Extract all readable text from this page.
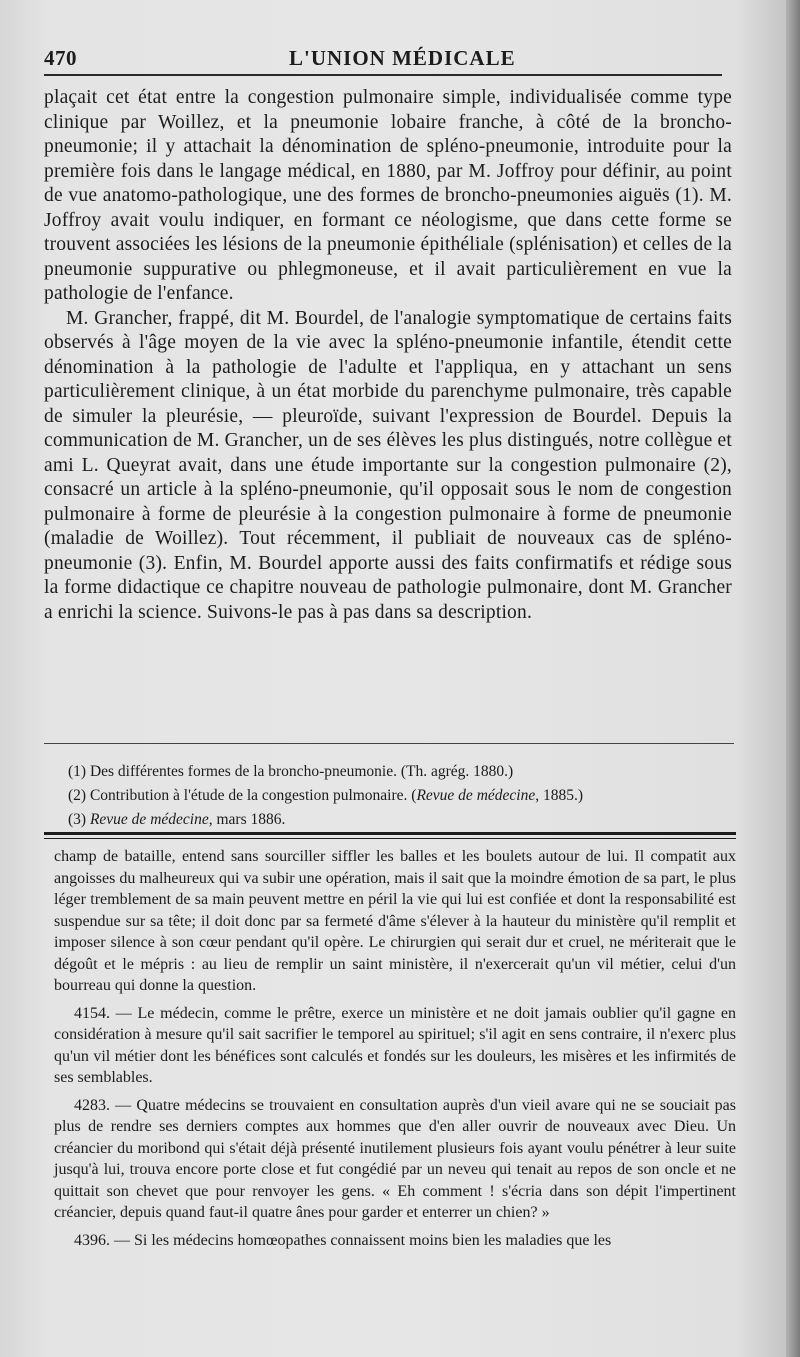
470	L'UNION MÉDICALE

plaçait cet état entre la congestion pulmonaire simple, individualisée comme type clinique par Woillez, et la pneumonie lobaire franche, à côté de la broncho-pneumonie; il y attachait la dénomination de spléno-pneumonie, introduite pour la première fois dans le langage médical, en 1880, par M. Joffroy pour définir, au point de vue anatomo-pathologique, une des formes de broncho-pneumonies aiguës (1). M. Joffroy avait voulu indiquer, en formant ce néologisme, que dans cette forme se trouvent associées les lésions de la pneumonie épithéliale (splénisation) et celles de la pneumonie suppurative ou phlegmoneuse, et il avait particulièrement en vue la pathologie de l'enfance.

M. Grancher, frappé, dit M. Bourdel, de l'analogie symptomatique de certains faits observés à l'âge moyen de la vie avec la spléno-pneumonie infantile, étendit cette dénomination à la pathologie de l'adulte et l'appliqua, en y attachant un sens particulièrement clinique, à un état morbide du parenchyme pulmonaire, très capable de simuler la pleurésie, — pleuroïde, suivant l'expression de Bourdel. Depuis la communication de M. Grancher, un de ses élèves les plus distingués, notre collègue et ami L. Queyrat avait, dans une étude importante sur la congestion pulmonaire (2), consacré un article à la spléno-pneumonie, qu'il opposait sous le nom de congestion pulmonaire à forme de pleurésie à la congestion pulmonaire à forme de pneumonie (maladie de Woillez). Tout récemment, il publiait de nouveaux cas de spléno-pneumonie (3). Enfin, M. Bourdel apporte aussi des faits confirmatifs et rédige sous la forme didactique ce chapitre nouveau de pathologie pulmonaire, dont M. Grancher a enrichi la science. Suivons-le pas à pas dans sa description.

(1) Des différentes formes de la broncho-pneumonie. (Th. agrég. 1880.)
(2) Contribution à l'étude de la congestion pulmonaire. (Revue de médecine, 1885.)
(3) Revue de médecine, mars 1886.

champ de bataille, entend sans sourciller siffler les balles et les boulets autour de lui. Il compatit aux angoisses du malheureux qui va subir une opération, mais il sait que la moindre émotion de sa part, le plus léger tremblement de sa main peuvent mettre en péril la vie qui lui est confiée et dont la responsabilité est suspendue sur sa tête; il doit donc par sa fermeté d'âme s'élever à la hauteur du ministère qu'il remplit et imposer silence à son cœur pendant qu'il opère. Le chirurgien qui serait dur et cruel, ne mériterait que le dégoût et le mépris : au lieu de remplir un saint ministère, il n'exercerait qu'un vil métier, celui d'un bourreau qui donne la question.

4154. — Le médecin, comme le prêtre, exerce un ministère et ne doit jamais oublier qu'il gagne en considération à mesure qu'il sait sacrifier le temporel au spirituel; s'il agit en sens contraire, il n'exerc plus qu'un vil métier dont les bénéfices sont calculés et fondés sur les douleurs, les misères et les infirmités de ses semblables.

4283. — Quatre médecins se trouvaient en consultation auprès d'un vieil avare qui ne se souciait pas plus de rendre ses derniers comptes aux hommes que d'en aller ouvrir de nouveaux avec Dieu. Un créancier du moribond qui s'était déjà présenté inutilement plusieurs fois ayant voulu pénétrer à leur suite jusqu'à lui, trouva encore porte close et fut congédié par un neveu qui tenait au repos de son oncle et ne quittait son chevet que pour renvoyer les gens. « Eh comment ! s'écria dans son dépit l'impertinent créancier, depuis quand faut-il quatre ânes pour garder et enterrer un chien? »

4396. — Si les médecins homœopathes connaissent moins bien les maladies que les
